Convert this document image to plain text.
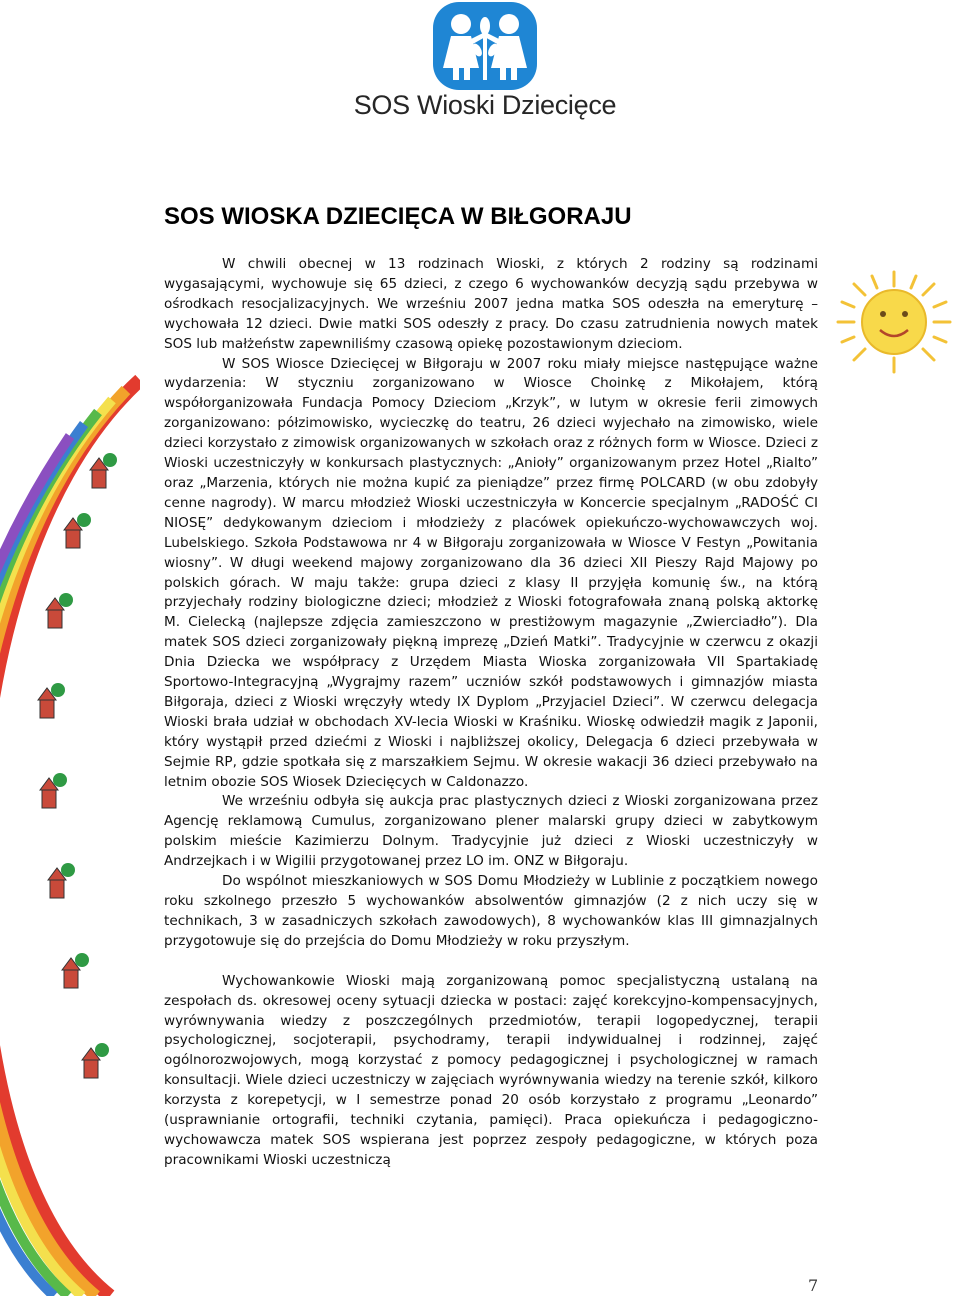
SOS Wioski Dziecięce
SOS WIOSKA DZIECIĘCA W BIŁGORAJU

W chwili obecnej w 13 rodzinach Wioski, z których 2 rodziny są rodzinami wygasającymi, wychowuje się 65 dzieci, z czego 6 wychowanków decyzją sądu przebywa w ośrodkach resocjalizacyjnych. We wrześniu 2007 jedna matka SOS odeszła na emeryturę – wychowała 12 dzieci. Dwie matki SOS odeszły z pracy. Do czasu zatrudnienia nowych matek SOS lub małżeństw zapewniliśmy czasową opiekę pozostawionym dzieciom.

W SOS Wiosce Dziecięcej w Biłgoraju w 2007 roku miały miejsce następujące ważne wydarzenia: W styczniu zorganizowano w Wiosce Choinkę z Mikołajem, którą współorganizowała Fundacja Pomocy Dzieciom „Krzyk”, w lutym w okresie ferii zimowych zorganizowano: półzimowisko, wycieczkę do teatru, 26 dzieci wyjechało na zimowisko, wiele dzieci korzystało z zimowisk organizowanych w szkołach oraz z różnych form w Wiosce. Dzieci z Wioski uczestniczyły w konkursach plastycznych: „Anioły” organizowanym przez Hotel „Rialto” oraz „Marzenia, których nie można kupić za pieniądze” przez firmę POLCARD (w obu zdobyły cenne nagrody). W marcu młodzież Wioski uczestniczyła w Koncercie specjalnym „RADOŚĆ CI NIOSĘ” dedykowanym dzieciom i młodzieży z placówek opiekuńczo-wychowawczych woj. Lubelskiego. Szkoła Podstawowa nr 4 w Biłgoraju zorganizowała w Wiosce V Festyn „Powitania wiosny”. W długi weekend majowy zorganizowano dla 36 dzieci XII Pieszy Rajd Majowy po polskich górach. W maju także: grupa dzieci z klasy II przyjęła komunię św., na którą przyjechały rodziny biologiczne dzieci; młodzież z Wioski fotografowała znaną polską aktorkę M. Cielecką (najlepsze zdjęcia zamieszczono w prestiżowym magazynie „Zwierciadło”). Dla matek SOS dzieci zorganizowały piękną imprezę „Dzień Matki”. Tradycyjnie w czerwcu z okazji Dnia Dziecka we współpracy z Urzędem Miasta Wioska zorganizowała VII Spartakiadę Sportowo-Integracyjną „Wygrajmy razem” uczniów szkół podstawowych i gimnazjów miasta Biłgoraja, dzieci z Wioski wręczyły wtedy IX Dyplom „Przyjaciel Dzieci”. W czerwcu delegacja Wioski brała udział w obchodach XV-lecia Wioski w Kraśniku. Wioskę odwiedził magik z Japonii, który wystąpił przed dziećmi z Wioski i najbliższej okolicy, Delegacja 6 dzieci przebywała w Sejmie RP, gdzie spotkała się z marszałkiem Sejmu. W okresie wakacji 36 dzieci przebywało na letnim obozie SOS Wiosek Dziecięcych w Caldonazzo.

We wrześniu odbyła się aukcja prac plastycznych dzieci z Wioski zorganizowana przez Agencję reklamową Cumulus, zorganizowano plener malarski grupy dzieci w zabytkowym polskim mieście Kazimierzu Dolnym. Tradycyjnie już dzieci z Wioski uczestniczyły w Andrzejkach i w Wigilii przygotowanej przez LO im. ONZ w Biłgoraju.

Do wspólnot mieszkaniowych w SOS Domu Młodzieży w Lublinie z początkiem nowego roku szkolnego przeszło 5 wychowanków absolwentów gimnazjów (2 z nich uczy się w technikach, 3 w zasadniczych szkołach zawodowych), 8 wychowanków klas III gimnazjalnych przygotowuje się do przejścia do Domu Młodzieży w roku przyszłym.

Wychowankowie Wioski mają zorganizowaną pomoc specjalistyczną ustalaną na zespołach ds. okresowej oceny sytuacji dziecka w postaci: zajęć korekcyjno-kompensacyjnych, wyrównywania wiedzy z poszczególnych przedmiotów, terapii logopedycznej, terapii psychologicznej, socjoterapii, psychodramy, terapii indywidualnej i rodzinnej, zajęć ogólnorozwojowych, mogą korzystać z pomocy pedagogicznej i psychologicznej w ramach konsultacji. Wiele dzieci uczestniczy w zajęciach wyrównywania wiedzy na terenie szkół, kilkoro korzysta z korepetycji, w I semestrze ponad 20 osób korzystało z programu „Leonardo” (usprawnianie ortografii, techniki czytania, pamięci). Praca opiekuńcza i pedagogiczno-wychowawcza matek SOS wspierana jest poprzez zespoły pedagogiczne, w których poza pracownikami Wioski uczestniczą

7
